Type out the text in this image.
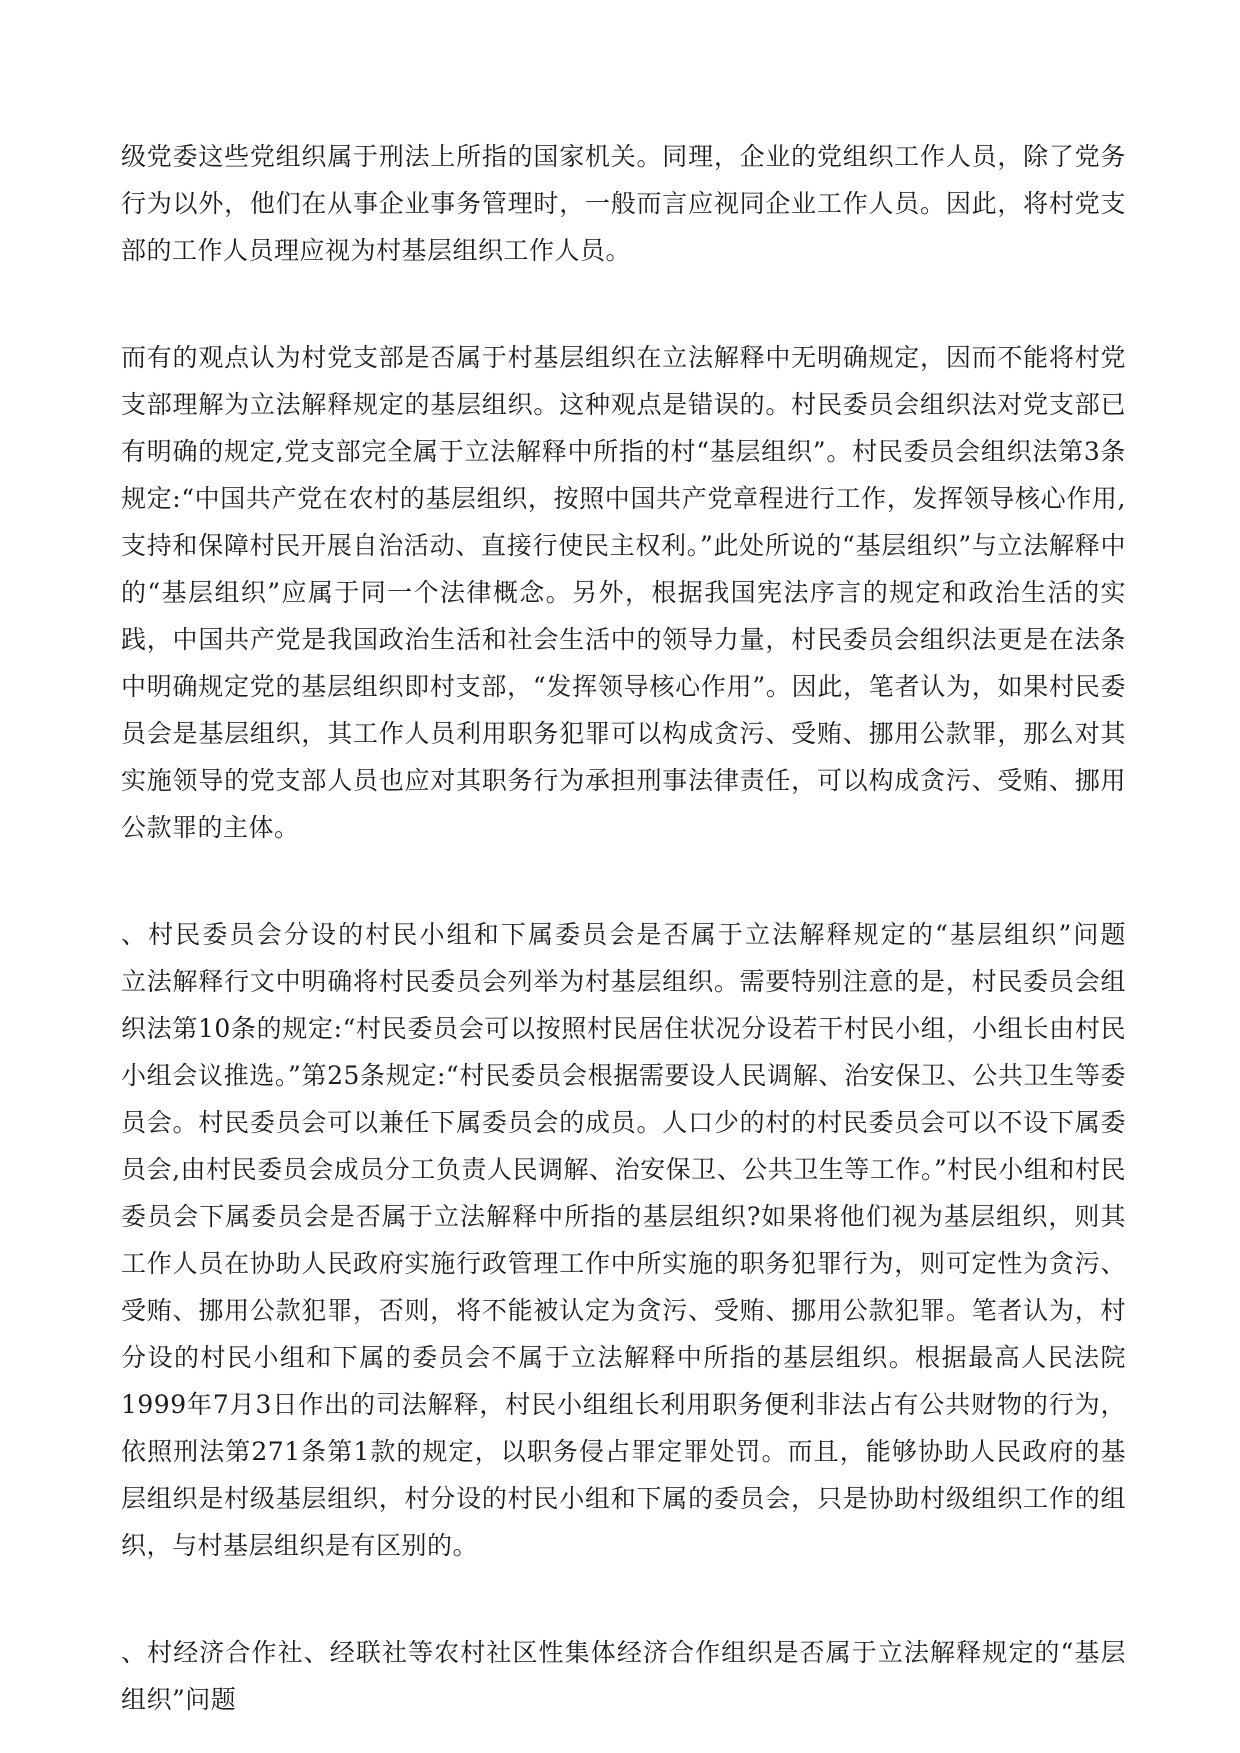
级党委这些党组织属于刑法上所指的国家机关。同理，企业的党组织工作人员，除了党务行为以外，他们在从事企业事务管理时，一般而言应视同企业工作人员。因此，将村党支部的工作人员理应视为村基层组织工作人员。

而有的观点认为村党支部是否属于村基层组织在立法解释中无明确规定，因而不能将村党支部理解为立法解释规定的基层组织。这种观点是错误的。村民委员会组织法对党支部已有明确的规定,党支部完全属于立法解释中所指的村“基层组织”。村民委员会组织法第3条规定:“中国共产党在农村的基层组织，按照中国共产党章程进行工作，发挥领导核心作用,支持和保障村民开展自治活动、直接行使民主权利。”此处所说的“基层组织”与立法解释中的“基层组织”应属于同一个法律概念。另外，根据我国宪法序言的规定和政治生活的实践，中国共产党是我国政治生活和社会生活中的领导力量，村民委员会组织法更是在法条中明确规定党的基层组织即村支部，“发挥领导核心作用”。因此，笔者认为，如果村民委员会是基层组织，其工作人员利用职务犯罪可以构成贪污、受贿、挪用公款罪，那么对其实施领导的党支部人员也应对其职务行为承担刑事法律责任，可以构成贪污、受贿、挪用公款罪的主体。

、村民委员会分设的村民小组和下属委员会是否属于立法解释规定的“基层组织”问题　　立法解释行文中明确将村民委员会列举为村基层组织。需要特别注意的是，村民委员会组织法第10条的规定:“村民委员会可以按照村民居住状况分设若干村民小组，小组长由村民小组会议推选。”第25条规定:“村民委员会根据需要设人民调解、治安保卫、公共卫生等委员会。村民委员会可以兼任下属委员会的成员。人口少的村的村民委员会可以不设下属委员会,由村民委员会成员分工负责人民调解、治安保卫、公共卫生等工作。”村民小组和村民委员会下属委员会是否属于立法解释中所指的基层组织?如果将他们视为基层组织，则其工作人员在协助人民政府实施行政管理工作中所实施的职务犯罪行为，则可定性为贪污、受贿、挪用公款犯罪，否则，将不能被认定为贪污、受贿、挪用公款犯罪。笔者认为，村分设的村民小组和下属的委员会不属于立法解释中所指的基层组织。根据最高人民法院1999年7月3日作出的司法解释，村民小组组长利用职务便利非法占有公共财物的行为，依照刑法第271条第1款的规定，以职务侵占罪定罪处罚。而且，能够协助人民政府的基层组织是村级基层组织，村分设的村民小组和下属的委员会，只是协助村级组织工作的组织，与村基层组织是有区别的。

、村经济合作社、经联社等农村社区性集体经济合作组织是否属于立法解释规定的“基层组织”问题
